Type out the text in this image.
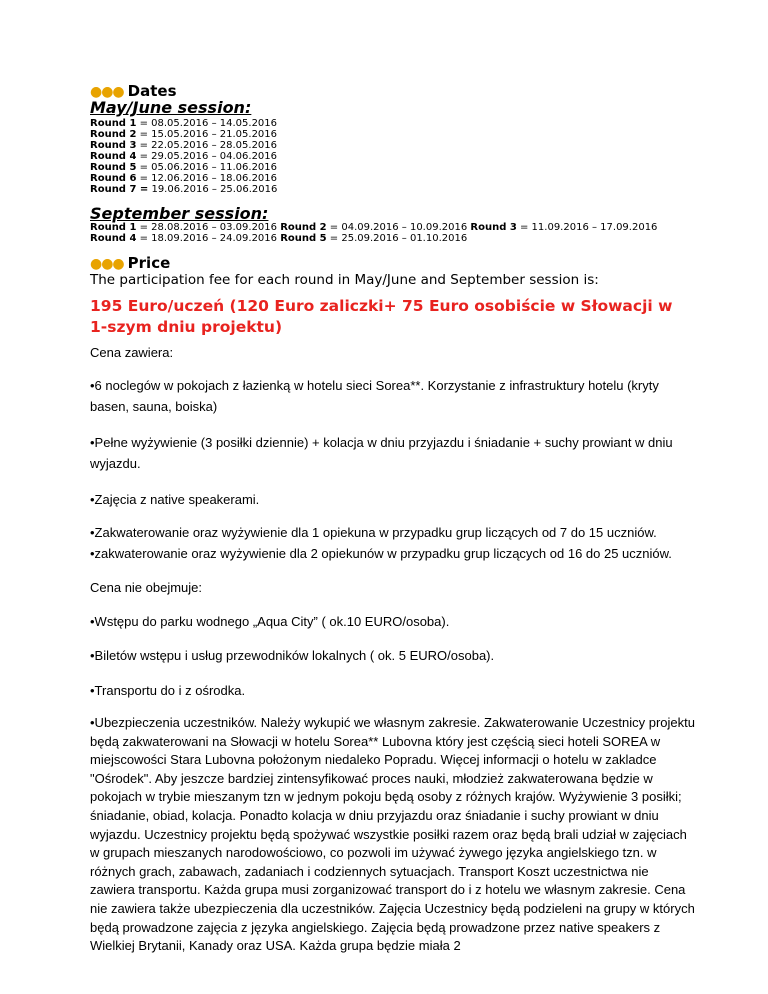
●●● Dates
May/June session:
Round 1 = 08.05.2016 – 14.05.2016
Round 2 = 15.05.2016 – 21.05.2016
Round 3 = 22.05.2016 – 28.05.2016
Round 4 = 29.05.2016 – 04.06.2016
Round 5 = 05.06.2016 – 11.06.2016
Round 6 = 12.06.2016 – 18.06.2016
Round 7 = 19.06.2016 – 25.06.2016
September session:
Round 1 = 28.08.2016 – 03.09.2016 Round 2 = 04.09.2016 – 10.09.2016 Round 3 = 11.09.2016 – 17.09.2016
Round 4 = 18.09.2016 – 24.09.2016 Round 5 = 25.09.2016 – 01.10.2016
●●● Price
The participation fee for each round in May/June and September session is:
195 Euro/uczeń (120 Euro zaliczki+ 75 Euro osobiście w Słowacji w 1-szym dniu projektu)
Cena zawiera:
•6 noclegów w pokojach z łazienką w hotelu sieci Sorea**. Korzystanie z infrastruktury hotelu (kryty basen, sauna, boiska)
•Pełne wyżywienie (3 posiłki dziennie) + kolacja w dniu przyjazdu i śniadanie + suchy prowiant w dniu wyjazdu.
•Zajęcia z native speakerami.
•Zakwaterowanie oraz wyżywienie dla 1 opiekuna w przypadku grup liczących od 7 do 15 uczniów.
•zakwaterowanie oraz wyżywienie dla 2 opiekunów w przypadku grup liczących od 16 do 25 uczniów.
Cena nie obejmuje:
•Wstępu do parku wodnego „Aqua City” ( ok.10 EURO/osoba).
•Biletów wstępu i usług przewodników lokalnych ( ok. 5 EURO/osoba).
•Transportu do i z ośrodka.
•Ubezpieczenia uczestników. Należy wykupić we własnym zakresie. Zakwaterowanie Uczestnicy projektu będą zakwaterowani na Słowacji w hotelu Sorea** Lubovna który jest częścią sieci hoteli SOREA w miejscowości Stara Lubovna położonym niedaleko Popradu. Więcej informacji o hotelu w zakladce "Ośrodek". Aby jeszcze bardziej zintensyfikować proces nauki, młodzież zakwaterowana będzie w pokojach w trybie mieszanym tzn w jednym pokoju będą osoby z różnych krajów. Wyżywienie 3 posiłki; śniadanie, obiad, kolacja. Ponadto kolacja w dniu przyjazdu oraz śniadanie i suchy prowiant w dniu wyjazdu. Uczestnicy projektu będą spożywać wszystkie posiłki razem oraz będą brali udział w zajęciach w grupach mieszanych narodowościowo, co pozwoli im używać żywego języka angielskiego tzn. w różnych grach, zabawach, zadaniach i codziennych sytuacjach. Transport Koszt uczestnictwa nie zawiera transportu. Każda grupa musi zorganizować transport do i z hotelu we własnym zakresie. Cena nie zawiera także ubezpieczenia dla uczestników. Zajęcia Uczestnicy będą podzieleni na grupy w których będą prowadzone zajęcia z języka angielskiego. Zajęcia będą prowadzone przez native speakers z Wielkiej Brytanii, Kanady oraz USA. Każda grupa będzie miała 2
